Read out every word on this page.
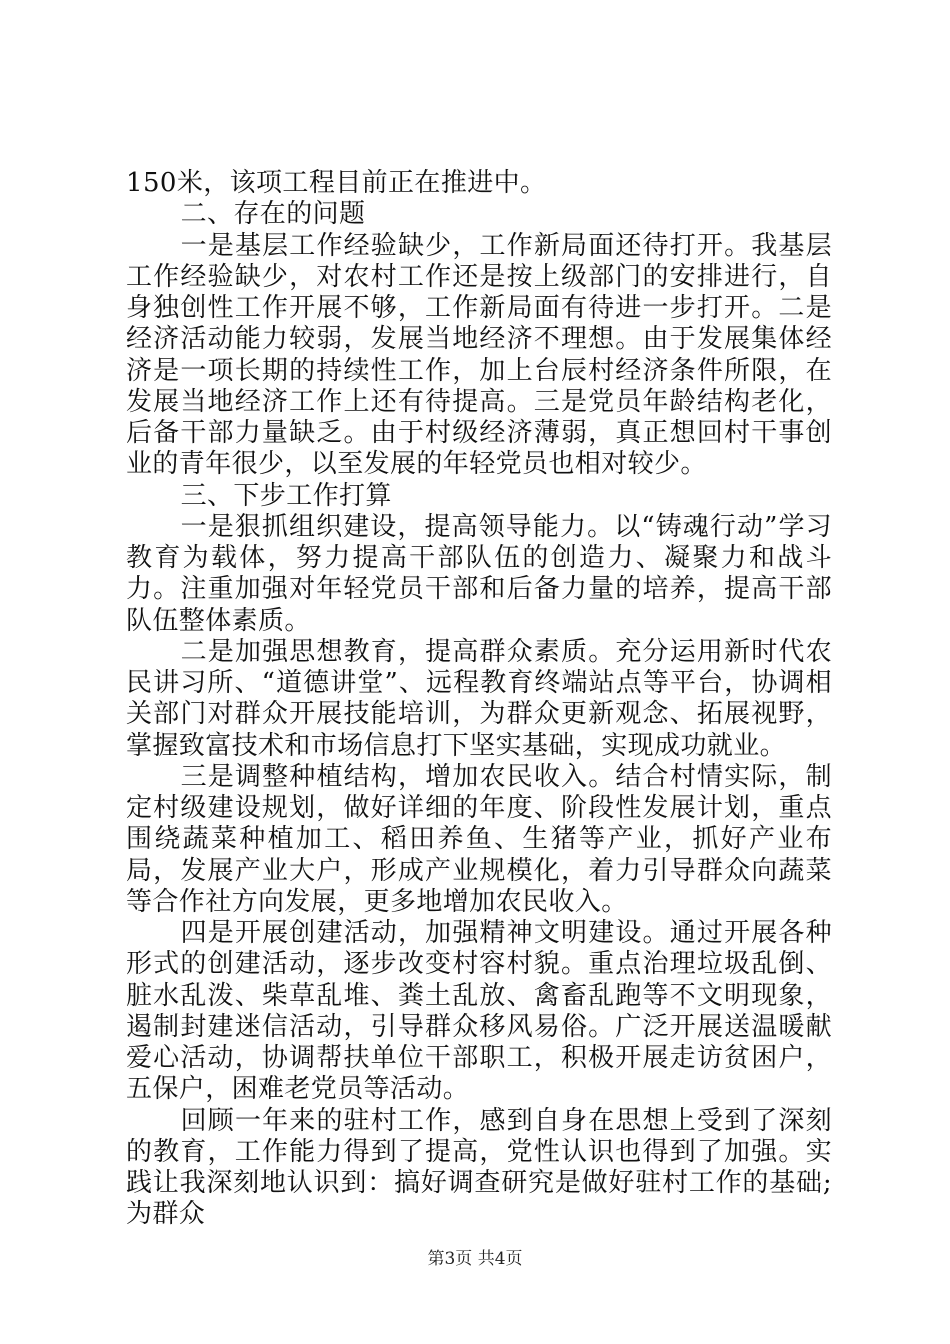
150米，该项工程目前正在推进中。

二、存在的问题

一是基层工作经验缺少，工作新局面还待打开。我基层工作经验缺少，对农村工作还是按上级部门的安排进行，自身独创性工作开展不够，工作新局面有待进一步打开。二是经济活动能力较弱，发展当地经济不理想。由于发展集体经济是一项长期的持续性工作，加上台辰村经济条件所限，在发展当地经济工作上还有待提高。三是党员年龄结构老化，后备干部力量缺乏。由于村级经济薄弱，真正想回村干事创业的青年很少，以至发展的年轻党员也相对较少。

三、下步工作打算

一是狠抓组织建设，提高领导能力。以“铸魂行动”学习教育为载体，努力提高干部队伍的创造力、凝聚力和战斗力。注重加强对年轻党员干部和后备力量的培养，提高干部队伍整体素质。

二是加强思想教育，提高群众素质。充分运用新时代农民讲习所、“道德讲堂”、远程教育终端站点等平台，协调相关部门对群众开展技能培训，为群众更新观念、拓展视野，掌握致富技术和市场信息打下坚实基础，实现成功就业。

三是调整种植结构，增加农民收入。结合村情实际，制定村级建设规划，做好详细的年度、阶段性发展计划，重点围绕蔬菜种植加工、稻田养鱼、生猪等产业，抓好产业布局，发展产业大户，形成产业规模化，着力引导群众向蔬菜等合作社方向发展，更多地增加农民收入。

四是开展创建活动，加强精神文明建设。通过开展各种形式的创建活动，逐步改变村容村貌。重点治理垃圾乱倒、脏水乱泼、柴草乱堆、粪土乱放、禽畜乱跑等不文明现象，遏制封建迷信活动，引导群众移风易俗。广泛开展送温暖献爱心活动，协调帮扶单位干部职工，积极开展走访贫困户，五保户，困难老党员等活动。

回顾一年来的驻村工作，感到自身在思想上受到了深刻的教育，工作能力得到了提高，党性认识也得到了加强。实践让我深刻地认识到：搞好调查研究是做好驻村工作的基础;为群众

第3页 共4页
